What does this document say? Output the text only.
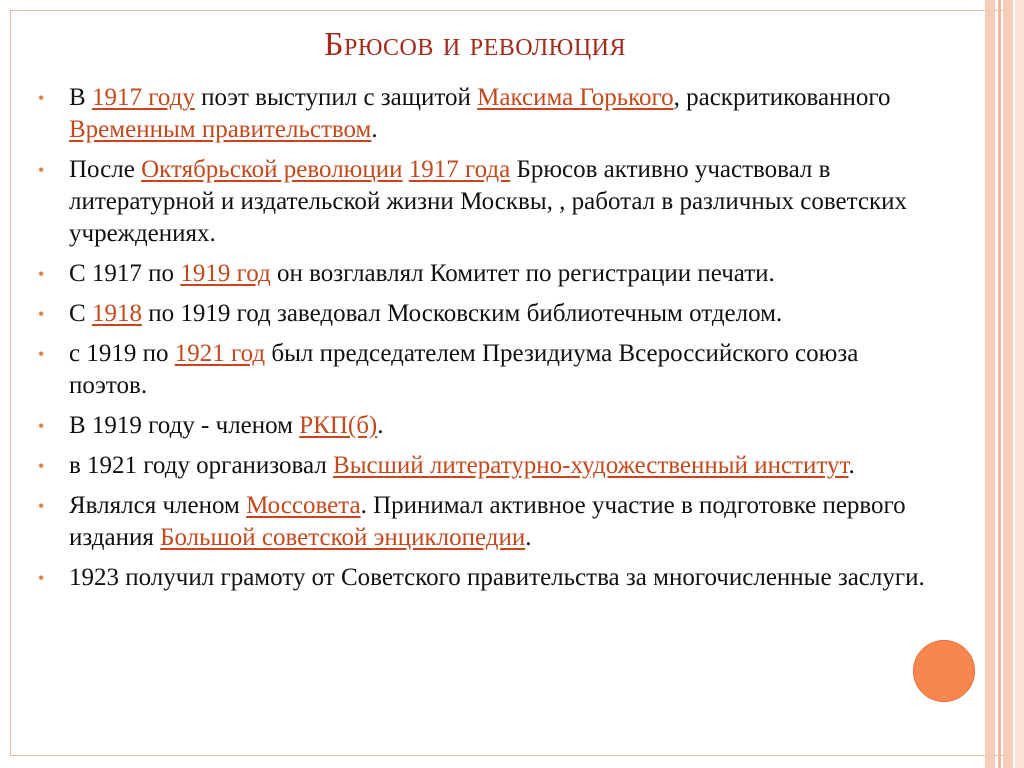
Брюсов и революция
• В 1917 году поэт выступил с защитой Максима Горького, раскритикованного Временным правительством.
• После Октябрьской революции 1917 года Брюсов активно участвовал в литературной и издательской жизни Москвы, , работал в различных советских учреждениях.
• С 1917 по 1919 год он возглавлял Комитет по регистрации печати.
• С 1918 по 1919 год заведовал Московским библиотечным отделом.
• с 1919 по 1921 год был председателем Президиума Всероссийского союза поэтов.
• В 1919 году - членом РКП(б).
• в 1921 году организовал Высший литературно-художественный институт.
• Являлся членом Моссовета. Принимал активное участие в подготовке первого издания Большой советской энциклопедии.
• 1923 получил грамоту от Советского правительства за многочисленные заслуги.
